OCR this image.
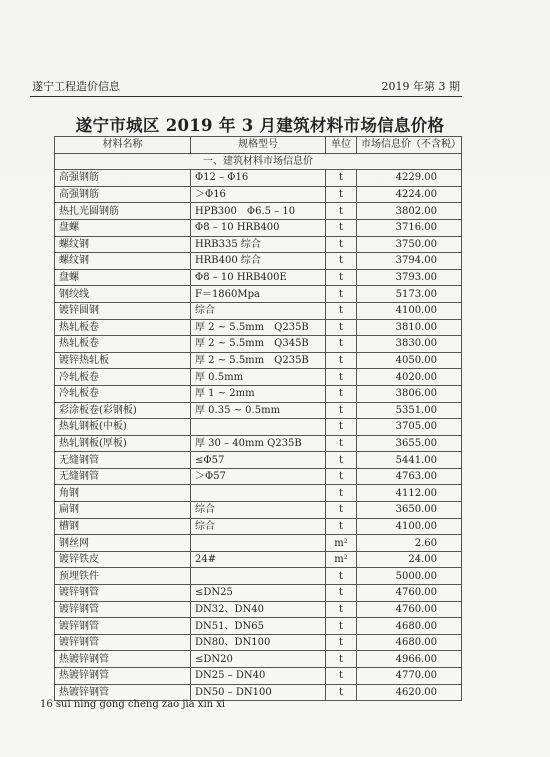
遂宁工程造价信息	2019 年第 3 期
遂宁市城区 2019 年 3 月建筑材料市场信息价格
材料名称	规格型号	单位	市场信息价（不含税）
一、建筑材料市场信息价			
高强钢筋	Φ12 – Φ16	t	4229.00
高强钢筋	＞Φ16	t	4224.00
热扎光圆钢筋	HPB300　Φ6.5 – 10	t	3802.00
盘螺	Φ8 – 10 HRB400	t	3716.00
螺纹钢	HRB335 综合	t	3750.00
螺纹钢	HRB400 综合	t	3794.00
盘螺	Φ8 – 10 HRB400E	t	3793.00
钢绞线	F＝1860Mpa	t	5173.00
镀锌圆钢	综合	t	4100.00
热轧板卷	厚 2 ~ 5.5mm　Q235B	t	3810.00
热轧板卷	厚 2 ~ 5.5mm　Q345B	t	3830.00
镀锌热轧板	厚 2 ~ 5.5mm　Q235B	t	4050.00
冷轧板卷	厚 0.5mm	t	4020.00
冷轧板卷	厚 1 ~ 2mm	t	3806.00
彩涂板卷(彩钢板)	厚 0.35 ~ 0.5mm	t	5351.00
热轧钢板(中板)		t	3705.00
热轧钢板(厚板)	厚 30 – 40mm Q235B	t	3655.00
无缝钢管	≤Φ57	t	5441.00
无缝钢管	＞Φ57	t	4763.00
角钢		t	4112.00
扁钢	综合	t	3650.00
槽钢	综合	t	4100.00
钢丝网		m²	2.60
镀锌铁皮	24#	m²	24.00
预埋铁件		t	5000.00
镀锌钢管	≤DN25	t	4760.00
镀锌钢管	DN32、DN40	t	4760.00
镀锌钢管	DN51、DN65	t	4680.00
镀锌钢管	DN80、DN100	t	4680.00
热镀锌钢管	≤DN20	t	4966.00
热镀锌钢管	DN25 – DN40	t	4770.00
热镀锌钢管	DN50 – DN100	t	4620.00
16 sui ning gong cheng zao jia xin xi
